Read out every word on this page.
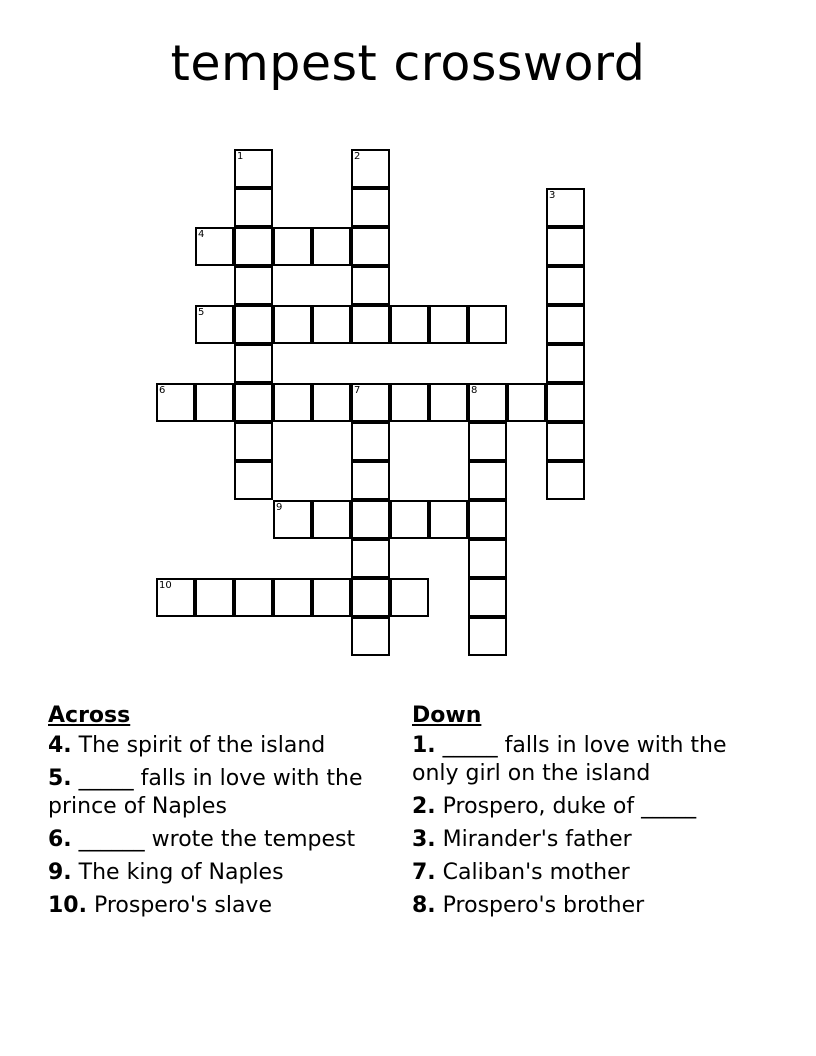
tempest crossword
1	2
3
4
5
6	7	8
9
10
Across
4. The spirit of the island
5. _____ falls in love with the prince of Naples
6. ______ wrote the tempest
9. The king of Naples
10. Prospero's slave
Down
1. _____ falls in love with the only girl on the island
2. Prospero, duke of _____
3. Mirander's father
7. Caliban's mother
8. Prospero's brother
